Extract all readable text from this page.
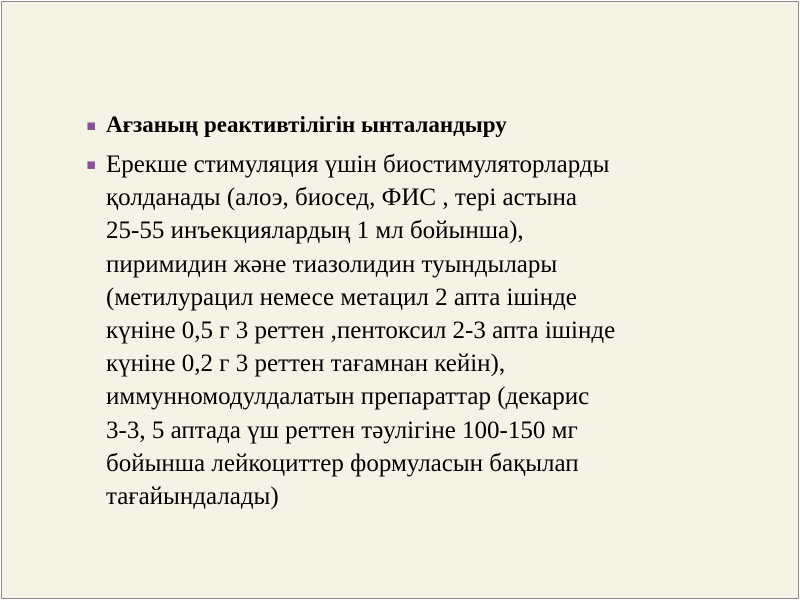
▪ Ағзаның реактивтілігін ынталандыру
▪ Ерекше стимуляция үшін биостимуляторларды
қолданады (алоэ, биосед, ФИС , тері астына
25-55 инъекциялардың 1 мл бойынша),
пиримидин және тиазолидин туындылары
(метилурацил немесе метацил 2 апта ішінде
күніне 0,5 г 3 реттен ,пентоксил 2-3 апта ішінде
күніне 0,2 г 3 реттен тағамнан кейін),
иммунномодулдалатын препараттар (декарис
3-3, 5 аптада үш реттен тәулігіне 100-150 мг
бойынша лейкоциттер формуласын бақылап
тағайындалады)
